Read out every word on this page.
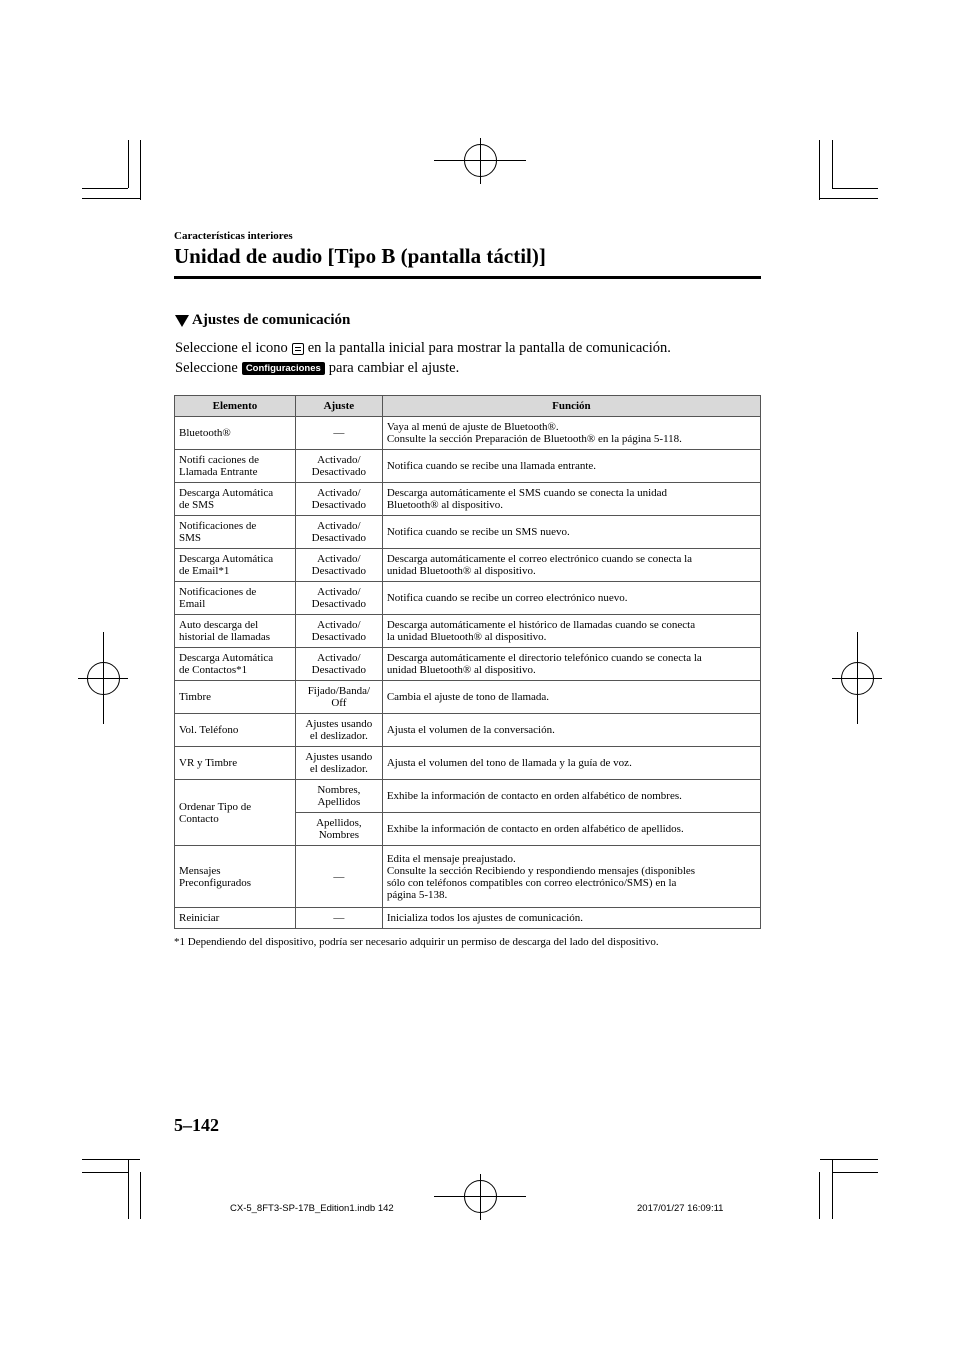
Características interiores
Unidad de audio [Tipo B (pantalla táctil)]
Ajustes de comunicación
Seleccione el icono en la pantalla inicial para mostrar la pantalla de comunicación.
Seleccione Configuraciones para cambiar el ajuste.
Elemento	Ajuste	Función
Bluetooth®	—	Vaya al menú de ajuste de Bluetooth®.
Consulte la sección Preparación de Bluetooth® en la página 5-118.
Notifi caciones de
Llamada Entrante	Activado/
Desactivado	Notifica cuando se recibe una llamada entrante.
Descarga Automática
de SMS	Activado/
Desactivado	Descarga automáticamente el SMS cuando se conecta la unidad
Bluetooth® al dispositivo.
Notificaciones de
SMS	Activado/
Desactivado	Notifica cuando se recibe un SMS nuevo.
Descarga Automática
de Email*1	Activado/
Desactivado	Descarga automáticamente el correo electrónico cuando se conecta la
unidad Bluetooth® al dispositivo.
Notificaciones de
Email	Activado/
Desactivado	Notifica cuando se recibe un correo electrónico nuevo.
Auto descarga del
historial de llamadas	Activado/
Desactivado	Descarga automáticamente el histórico de llamadas cuando se conecta
la unidad Bluetooth® al dispositivo.
Descarga Automática
de Contactos*1	Activado/
Desactivado	Descarga automáticamente el directorio telefónico cuando se conecta la
unidad Bluetooth® al dispositivo.
Timbre	Fijado/Banda/
Off	Cambia el ajuste de tono de llamada.
Vol. Teléfono	Ajustes usando
el deslizador.	Ajusta el volumen de la conversación.
VR y Timbre	Ajustes usando
el deslizador.	Ajusta el volumen del tono de llamada y la guía de voz.
Ordenar Tipo de
Contacto	Nombres,
Apellidos	Exhibe la información de contacto en orden alfabético de nombres.
	Apellidos,
Nombres	Exhibe la información de contacto en orden alfabético de apellidos.
Mensajes
Preconfigurados	—	Edita el mensaje preajustado.
Consulte la sección Recibiendo y respondiendo mensajes (disponibles
sólo con teléfonos compatibles con correo electrónico/SMS) en la
página 5-138.
Reiniciar	—	Inicializa todos los ajustes de comunicación.
*1 Dependiendo del dispositivo, podría ser necesario adquirir un permiso de descarga del lado del dispositivo.
5–142
CX-5_8FT3-SP-17B_Edition1.indb 142	2017/01/27 16:09:11
